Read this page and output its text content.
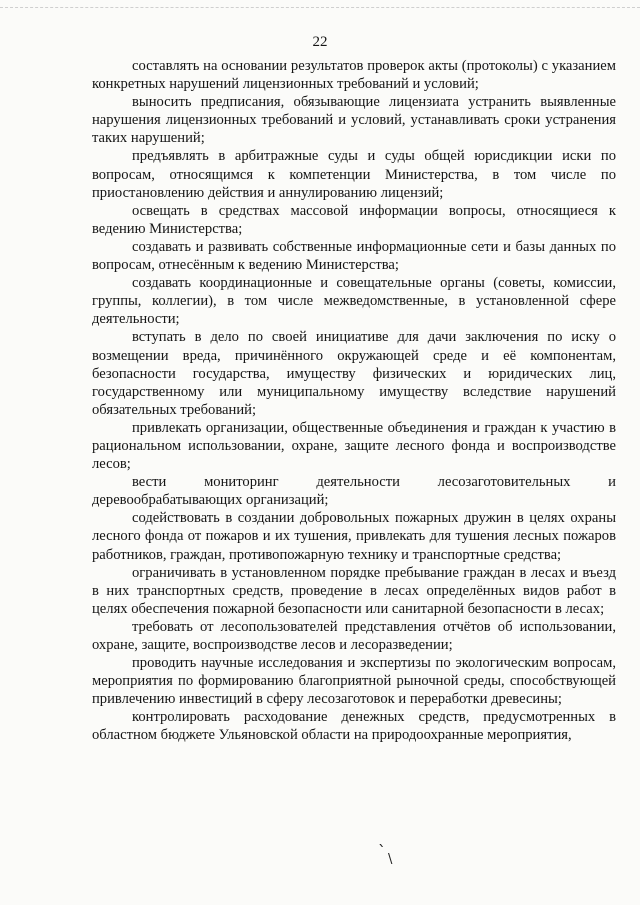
22

составлять на основании результатов проверок акты (протоколы) с указанием конкретных нарушений лицензионных требований и условий;

выносить предписания, обязывающие лицензиата устранить выявленные нарушения лицензионных требований и условий, устанавливать сроки устранения таких нарушений;

предъявлять в арбитражные суды и суды общей юрисдикции иски по вопросам, относящимся к компетенции Министерства, в том числе по приостановлению действия и аннулированию лицензий;

освещать в средствах массовой информации вопросы, относящиеся к ведению Министерства;

создавать и развивать собственные информационные сети и базы данных по вопросам, отнесённым к ведению Министерства;

создавать координационные и совещательные органы (советы, комиссии, группы, коллегии), в том числе межведомственные, в установленной сфере деятельности;

вступать в дело по своей инициативе для дачи заключения по иску о возмещении вреда, причинённого окружающей среде и её компонентам, безопасности государства, имуществу физических и юридических лиц, государственному или муниципальному имуществу вследствие нарушений обязательных требований;

привлекать организации, общественные объединения и граждан к участию в рациональном использовании, охране, защите лесного фонда и воспроизводстве лесов;

вести мониторинг деятельности лесозаготовительных и деревообрабатывающих организаций;

содействовать в создании добровольных пожарных дружин в целях охраны лесного фонда от пожаров и их тушения, привлекать для тушения лесных пожаров работников, граждан, противопожарную технику и транспортные средства;

ограничивать в установленном порядке пребывание граждан в лесах и въезд в них транспортных средств, проведение в лесах определённых видов работ в целях обеспечения пожарной безопасности или санитарной безопасности в лесах;

требовать от лесопользователей представления отчётов об использовании, охране, защите, воспроизводстве лесов и лесоразведении;

проводить научные исследования и экспертизы по экологическим вопросам, мероприятия по формированию благоприятной рыночной среды, способствующей привлечению инвестиций в сферу лесозаготовок и переработки древесины;

контролировать расходование денежных средств, предусмотренных в областном бюджете Ульяновской области на природоохранные мероприятия,

` \
